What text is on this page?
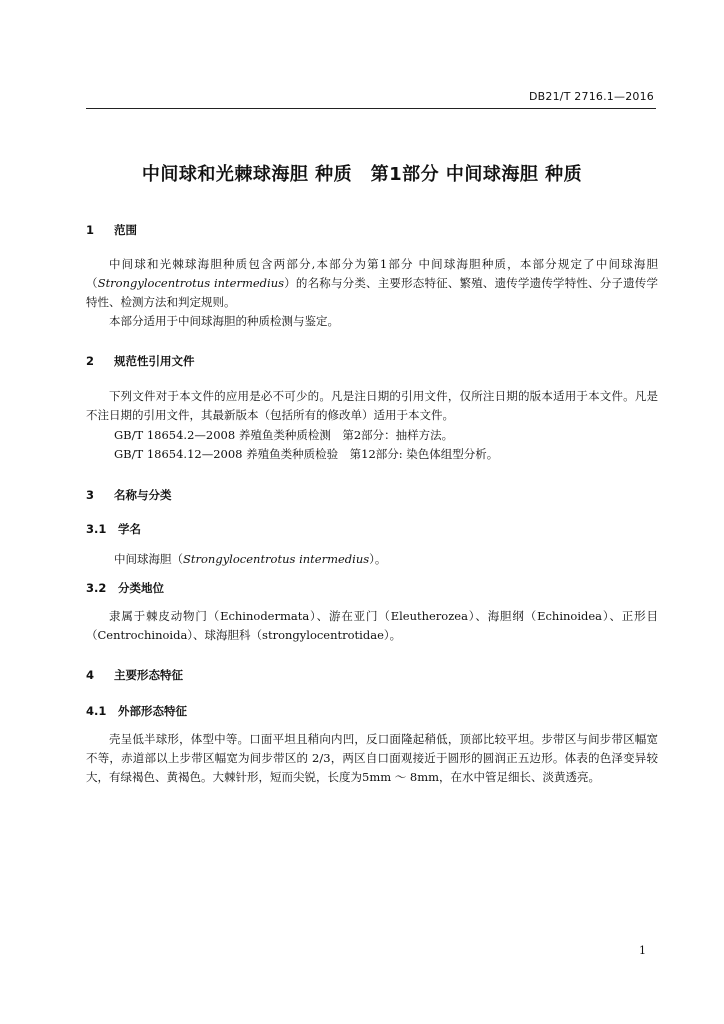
DB21/T 2716.1—2016
中间球和光棘球海胆 种质　第1部分 中间球海胆 种质
1 范围
中间球和光棘球海胆种质包含两部分,本部分为第1部分 中间球海胆种质，本部分规定了中间球海胆（Strongylocentrotus intermedius）的名称与分类、主要形态特征、繁殖、遗传学遗传学特性、分子遗传学特性、检测方法和判定规则。
本部分适用于中间球海胆的种质检测与鉴定。
2 规范性引用文件
下列文件对于本文件的应用是必不可少的。凡是注日期的引用文件，仅所注日期的版本适用于本文件。凡是不注日期的引用文件，其最新版本（包括所有的修改单）适用于本文件。
GB/T 18654.2—2008 养殖鱼类种质检测　第2部分：抽样方法。
GB/T 18654.12—2008 养殖鱼类种质检验　第12部分: 染色体组型分析。
3 名称与分类
3.1 学名
中间球海胆（Strongylocentrotus intermedius）。
3.2 分类地位
隶属于棘皮动物门（Echinodermata）、游在亚门（Eleutherozea）、海胆纲（Echinoidea）、正形目（Centrochinoida）、球海胆科（strongylocentrotidae）。
4 主要形态特征
4.1 外部形态特征
壳呈低半球形，体型中等。口面平坦且稍向内凹，反口面隆起稍低，顶部比较平坦。步带区与间步带区幅宽不等，赤道部以上步带区幅宽为间步带区的 2/3，两区自口面观接近于圆形的圆润正五边形。体表的色泽变异较大，有绿褐色、黄褐色。大棘针形，短而尖锐，长度为5mm ～ 8mm，在水中管足细长、淡黄透亮。
1
